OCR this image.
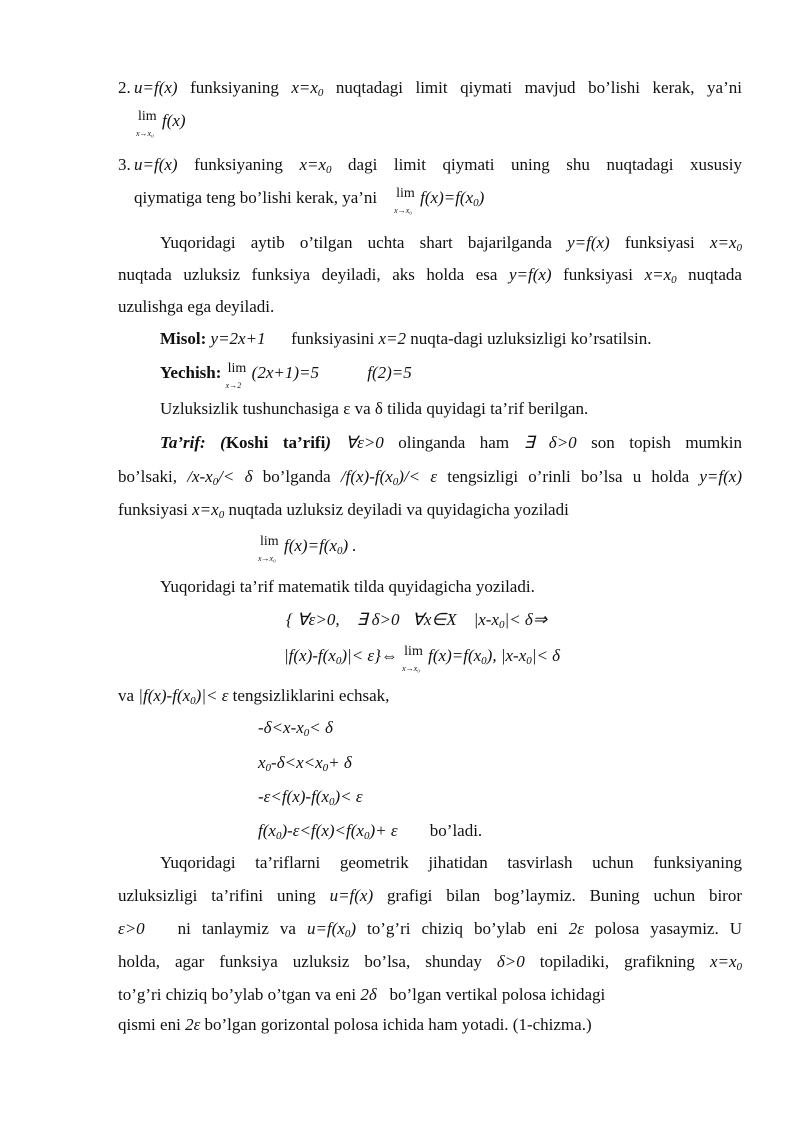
2. u=f(x) funksiyaning $x=x_0$ nuqtadagi limit qiymati mavjud bo’lishi kerak, ya’ni
lim
x→x₀
f(x)
3. u=f(x) funksiyaning $x=x_0$ dagi limit qiymati uning shu nuqtadagi xususiy
qiymatiga teng bo’lishi kerak, ya’ni lim
x→x₀
$f(x)=f(x_0)$
Yuqoridagi aytib o’tilgan uchta shart bajarilganda y=f(x) funksiyasi $x=x_0$
nuqtada uzluksiz funksiya deyiladi, aks holda esa y=f(x) funksiyasi $x=x_0$ nuqtada
uzulishga ega deyiladi.
Misol: y=2x+1 funksiyasini x=2 nuqta-dagi uzluksizligi ko’rsatilsin.
Yechish: lim
x→2
(2x+1)=5	f(2)=5
Uzluksizlik tushunchasiga ε va δ tilida quyidagi ta’rif berilgan.
Ta’rif: (Koshi ta’rifi) ∀ε>0 olinganda ham ∃ δ>0 son topish mumkin
bo’lsaki, $/x-x_0/< \delta$ bo’lganda $/f(x)-f(x_0)/< \varepsilon$ tengsizligi o’rinli bo’lsa u holda y=f(x)
funksiyasi $x=x_0$ nuqtada uzluksiz deyiladi va quyidagicha yoziladi
lim
x→x₀
$f(x)=f(x_0)$ .
Yuqoridagi ta’rif matematik tilda quyidagicha yoziladi.
{ ∀ε>0,    ∃ δ>0   ∀x∈X    $|x-x_0|<$ δ⇒
$|f(x)-f(x_0)|<$ ε}⇔ lim
x→x₀
$f(x)=f(x_0)$, $|x-x_0|< \delta$
va $|f(x)-f(x_0)|< \varepsilon$ tengsizliklarini echsak,
$-\delta<x-x_0< \delta$
$x_0-\delta<x<x_0+ \delta$
$-\varepsilon<f(x)-f(x_0)< \varepsilon$
$f(x_0)-\varepsilon<f(x)<f(x_0)+ \varepsilon$ bo’ladi.
Yuqoridagi ta’riflarni geometrik jihatidan tasvirlash uchun funksiyaning
uzluksizligi ta’rifini uning u=f(x) grafigi bilan bog’laymiz. Buning uchun biror
ε>0   ni tanlaymiz va $u=f(x_0)$ to’g’ri chiziq bo’ylab eni 2ε polosa yasaymiz. U
holda, agar funksiya uzluksiz bo’lsa, shunday δ>0 topiladiki, grafikning $x=x_0$
to’g’ri chiziq bo’ylab o’tgan va eni 2δ   bo’lgan vertikal polosa ichidagi
qismi eni 2ε bo’lgan gorizontal polosa ichida ham yotadi. (1-chizma.)
